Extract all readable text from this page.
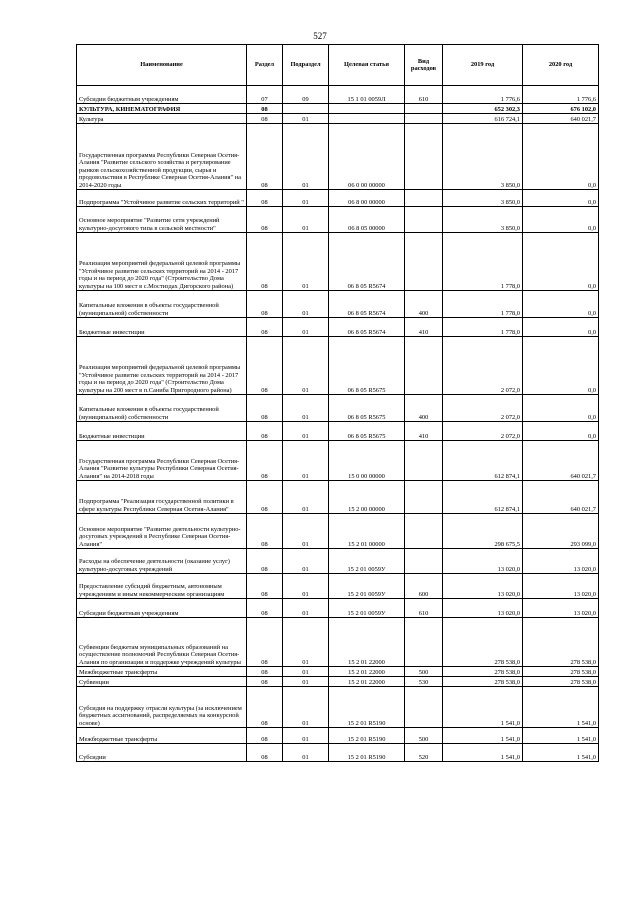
527
Наименование	Раздел	Подраздел	Целевая статья	Вид расходов	2019 год	2020 год
Субсидии бюджетным учреждениям	07	09	15 1 01 0059Л	610	1 776,6	1 776,6
КУЛЬТУРА, КИНЕМАТОГРАФИЯ	08				652 302,3	676 102,0
Культура	08	01			616 724,1	640 021,7
Государственная программа Республики Северная Осетия-Алания "Развитие сельского хозяйства и регулирование рынков сельскохозяйственной продукции, сырья и продовольствия в Республике Северная Осетия-Алания" на 2014-2020 годы	08	01	06 0 00 00000		3 850,0	0,0
Подпрограмма "Устойчивое развитие сельских территорий "	08	01	06 8 00 00000		3 850,0	0,0
Основное мероприятие "Развитие сети учреждений культурно-досугового типа в сельской местности"	08	01	06 8 05 00000		3 850,0	0,0
Реализация мероприятий федеральной целевой программы "Устойчивое развитие сельских территорий на 2014 - 2017 годы и на период до 2020 года" (Строительство Дома культуры на 100 мест в с.Мостиздах Дигорского района)	08	01	06 8 05 R5674		1 778,0	0,0
Капитальные вложения в объекты государственной (муниципальной) собственности	08	01	06 8 05 R5674	400	1 778,0	0,0
Бюджетные инвестиции	08	01	06 8 05 R5674	410	1 778,0	0,0
Реализация мероприятий федеральной целевой программы "Устойчивое развитие сельских территорий на 2014 - 2017 годы и на период до 2020 года" (Строительство Дома культуры на 200 мест в п.Саниба Пригородного района)	08	01	06 8 05 R5675		2 072,0	0,0
Капитальные вложения в объекты государственной (муниципальной) собственности	08	01	06 8 05 R5675	400	2 072,0	0,0
Бюджетные инвестиции	08	01	06 8 05 R5675	410	2 072,0	0,0
Государственная программа Республики Северная Осетия-Алания "Развитие культуры Республики Северная Осетия-Алания" на 2014-2018 годы	08	01	15 0 00 00000		612 874,1	640 021,7
Подпрограмма "Реализация государственной политики в сфере культуры Республики Северная Осетия-Алания"	08	01	15 2 00 00000		612 874,1	640 021,7
Основное мероприятие "Развитие деятельности культурно-досуговых учреждений в Республике Северная Осетия-Алания"	08	01	15 2 01 00000		298 675,5	293 099,0
Расходы на обеспечение деятельности (оказание услуг) культурно-досуговых учреждений	08	01	15 2 01 0059У		13 020,0	13 020,0
Предоставление субсидий бюджетным, автономным учреждениям и иным некоммерческим организациям	08	01	15 2 01 0059У	600	13 020,0	13 020,0
Субсидии бюджетным учреждениям	08	01	15 2 01 0059У	610	13 020,0	13 020,0
Субвенции бюджетам муниципальных образований на осуществление полномочий Республики Северная Осетия-Алания по организации и поддержке учреждений культуры	08	01	15 2 01 22000		278 538,0	278 538,0
Межбюджетные трансферты	08	01	15 2 01 22000	500	278 538,0	278 538,0
Субвенции	08	01	15 2 01 22000	530	278 538,0	278 538,0
Субсидия на поддержку отрасли культуры (за исключением бюджетных ассигнований, распределяемых на конкурсной основе)	08	01	15 2 01 R5190		1 541,0	1 541,0
Межбюджетные трансферты	08	01	15 2 01 R5190	500	1 541,0	1 541,0
Субсидии	08	01	15 2 01 R5190	520	1 541,0	1 541,0
